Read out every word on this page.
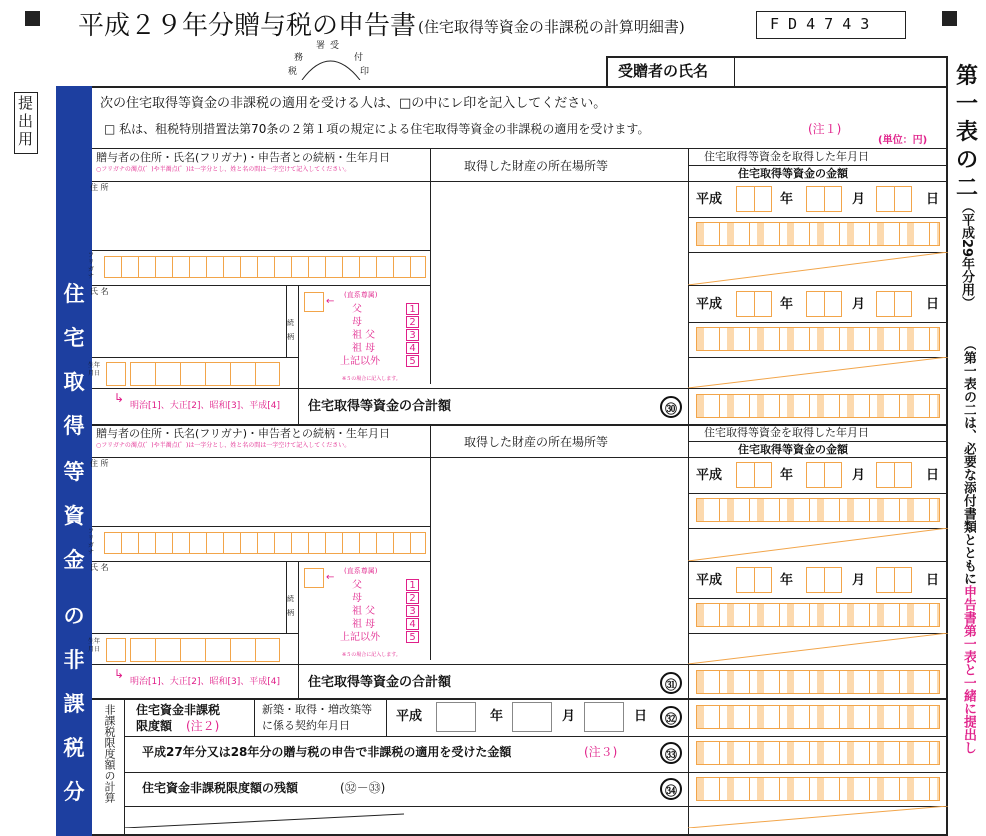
平成２９年分贈与税の申告書 (住宅取得等資金の非課税の計算明細書)	F D 4 7 4 3
署 受
務	付
税	印	受贈者の氏名
提
出
用
第
一
表
の
二
（平成29年分用）
（第一表の二は、必要な添付書類とともに申告書第一表と一緒に提出し
住
宅
取
得
等
資
金
の
非
課
税
分
次の住宅取得等資金の非課税の適用を受ける人は、□の中にレ印を記入してください。
□ 私は、租税特別措置法第70条の２第１項の規定による住宅取得等資金の非課税の適用を受けます。	(注１)
(単位：円)
贈与者の住所・氏名(フリガナ)・申告者との続柄・生年月日
○フリガナの濁点(゛)や半濁点(゜)は一字分とし、姓と名の間は一字空けて記入してください。	取得した財産の所在場所等
住宅取得等資金を取得した年月日
住宅取得等資金の金額
住 所
フリガナ
氏 名
続柄
(直系尊属)
←
父	1
母	2
祖 父	3
祖 母	4
上記以外	5
※５の場合に記入します。
生年月日
↳
明治[1]、大正[2]、昭和[3]、平成[4] 住宅取得等資金の合計額	㉚
平成	年	月	日
平成	年	月	日
贈与者の住所・氏名(フリガナ)・申告者との続柄・生年月日
○フリガナの濁点(゛)や半濁点(゜)は一字分とし、姓と名の間は一字空けて記入してください。	取得した財産の所在場所等
住宅取得等資金を取得した年月日
住宅取得等資金の金額
住 所
フリガナ
氏 名
続柄
(直系尊属)
←
父	1
母	2
祖 父	3
祖 母	4
上記以外	5
※５の場合に記入します。
生年月日
↳
明治[1]、大正[2]、昭和[3]、平成[4] 住宅取得等資金の合計額	㉛
平成	年	月	日
平成	年	月	日
非課税限度額の計算 住宅資金非課税
限度額 (注２)
新築・取得・増改築等
に係る契約年月日
平成	年	月	日	㉜
平成27年分又は28年分の贈与税の申告で非課税の適用を受けた金額	(注３)	㉝
住宅資金非課税限度額の残額	(㉜－㉝)	㉞
